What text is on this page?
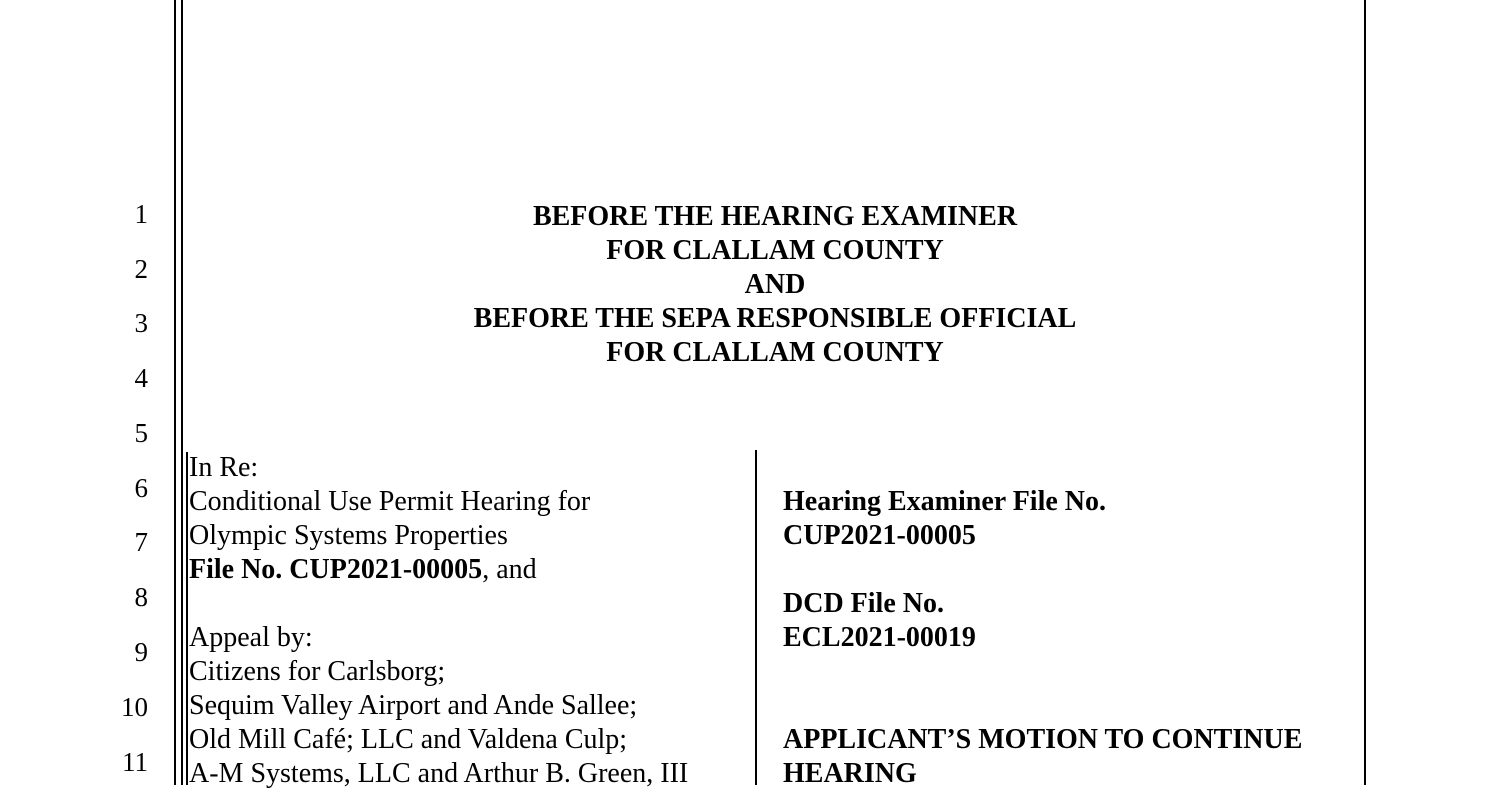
1
2
3
4
5
6
7
8
9
10
11
BEFORE THE HEARING EXAMINER
FOR CLALLAM COUNTY
AND
BEFORE THE SEPA RESPONSIBLE OFFICIAL
FOR CLALLAM COUNTY
In Re:
Conditional Use Permit Hearing for
Olympic Systems Properties
File No. CUP2021-00005, and
Appeal by:
Citizens for Carlsborg;
Sequim Valley Airport and Ande Sallee;
Old Mill Café; LLC and Valdena Culp;
A-M Systems, LLC and Arthur B. Green, III
Hearing Examiner File No.
CUP2021-00005
DCD File No.
ECL2021-00019
APPLICANT’S MOTION TO CONTINUE
HEARING
